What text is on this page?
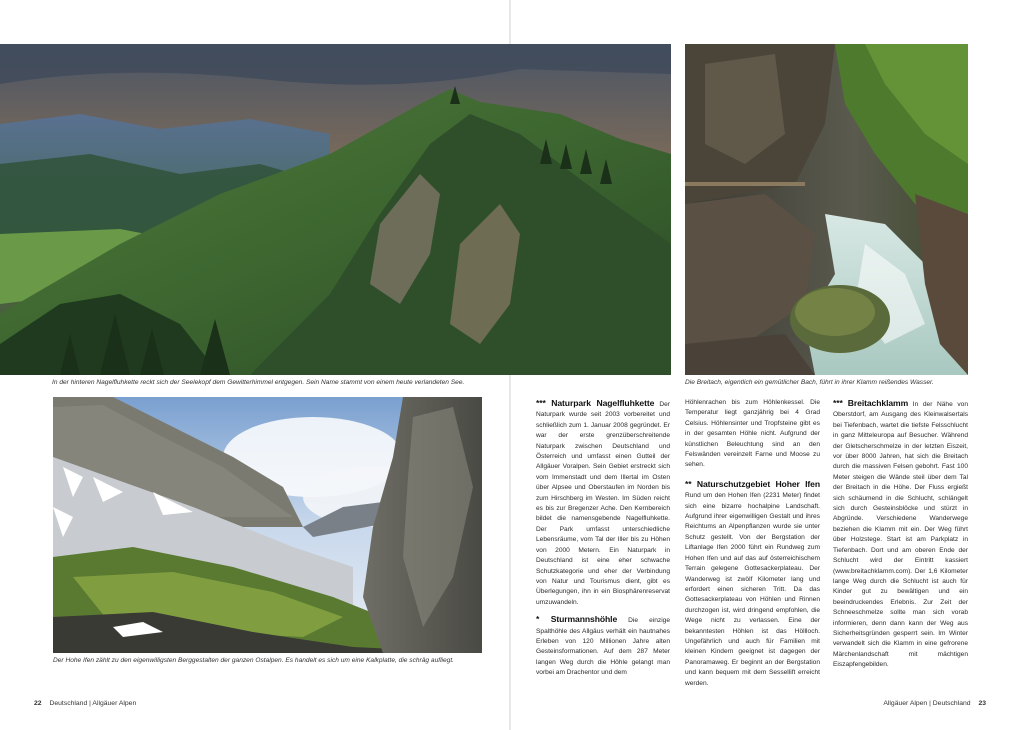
In der hinteren Nagelfluhkette reckt sich der Seelekopf dem Gewitterhimmel entgegen. Sein Name stammt von einem heute verlandeten See.	Die Breitach, eigentlich ein gemütlicher Bach, führt in ihrer Klamm reißendes Wasser.
Der Hohe Ifen zählt zu den eigenwilligsten Berggestalten der ganzen Ostalpen. Es handelt es sich um eine Kalkplatte, die schräg aufliegt.

*** Naturpark Nagelfluhkette Der Naturpark wurde seit 2003 vorbereitet und schließlich zum 1. Januar 2008 gegründet. Er war der erste grenzüberschreitende Naturpark zwischen Deutschland und Österreich und umfasst einen Gutteil der Allgäuer Voralpen. Sein Gebiet erstreckt sich vom Immenstadt und dem Illertal im Osten über Alpsee und Oberstaufen im Norden bis zum Hirschberg im Westen. Im Süden reicht es bis zur Bregenzer Ache. Den Kernbereich bildet die namensgebende Nagelfluhkette. Der Park umfasst unterschiedliche Lebensräume, vom Tal der Iller bis zu Höhen von 2000 Metern. Ein Naturpark in Deutschland ist eine eher schwache Schutzkategorie und eher der Verbindung von Natur und Tourismus dient, gibt es Überlegungen, ihn in ein Biosphärenreservat umzuwandeln.

* Sturmannshöhle Die einzige Spalthöhle des Allgäus verhält ein hautnahes Erleben von 120 Millionen Jahre alten Gesteinsformationen. Auf dem 287 Meter langen Weg durch die Höhle gelangt man vorbei am Drachentor und dem

Höhlenrachen bis zum Höhlenkessel. Die Temperatur liegt ganzjährig bei 4 Grad Celsius. Höhlensinter und Tropfsteine gibt es in der gesamten Höhle nicht. Aufgrund der künstlichen Beleuchtung sind an den Felswänden vereinzelt Farne und Moose zu sehen.

** Naturschutzgebiet Hoher Ifen Rund um den Hohen Ifen (2231 Meter) findet sich eine bizarre hochalpine Landschaft. Aufgrund ihrer eigenwilligen Gestalt und ihres Reichtums an Alpenpflanzen wurde sie unter Schutz gestellt. Von der Bergstation der Liftanlage Ifen 2000 führt ein Rundweg zum Hohen Ifen und auf das auf österreichischem Terrain gelegene Gottesackerplateau. Der Wanderweg ist zwölf Kilometer lang und erfordert einen sicheren Tritt. Da das Gottesackerplateau von Höhlen und Rinnen durchzogen ist, wird dringend empfohlen, die Wege nicht zu verlassen. Eine der bekanntesten Höhlen ist das Höllloch. Ungefährlich und auch für Familien mit kleinen Kindern geeignet ist dagegen der Panoramaweg. Er beginnt an der Bergstation und kann bequem mit dem Sessellift erreicht werden.

*** Breitachklamm In der Nähe von Oberstdorf, am Ausgang des Kleinwalsertals bei Tiefenbach, wartet die tiefste Felsschlucht in ganz Mitteleuropa auf Besucher. Während der Gletscherschmelze in der letzten Eiszeit, vor über 8000 Jahren, hat sich die Breitach durch die massiven Felsen gebohrt. Fast 100 Meter steigen die Wände steil über dem Tal der Breitach in die Höhe. Der Fluss ergießt sich schäumend in die Schlucht, schlängelt sich durch Gesteinsblöcke und stürzt in Abgründe. Verschiedene Wanderwege beziehen die Klamm mit ein. Der Weg führt über Holzstege. Start ist am Parkplatz in Tiefenbach. Dort und am oberen Ende der Schlucht wird der Eintritt kassiert (www.breitachklamm.com). Der 1,6 Kilometer lange Weg durch die Schlucht ist auch für Kinder gut zu bewältigen und ein beeindruckendes Erlebnis. Zur Zeit der Schneeschmelze sollte man sich vorab informieren, denn dann kann der Weg aus Sicherheitsgründen gesperrt sein. Im Winter verwandelt sich die Klamm in eine gefrorene Märchenlandschaft mit mächtigen Eiszapfengebilden.

22 Deutschland | Allgäuer Alpen	Allgäuer Alpen | Deutschland 23
